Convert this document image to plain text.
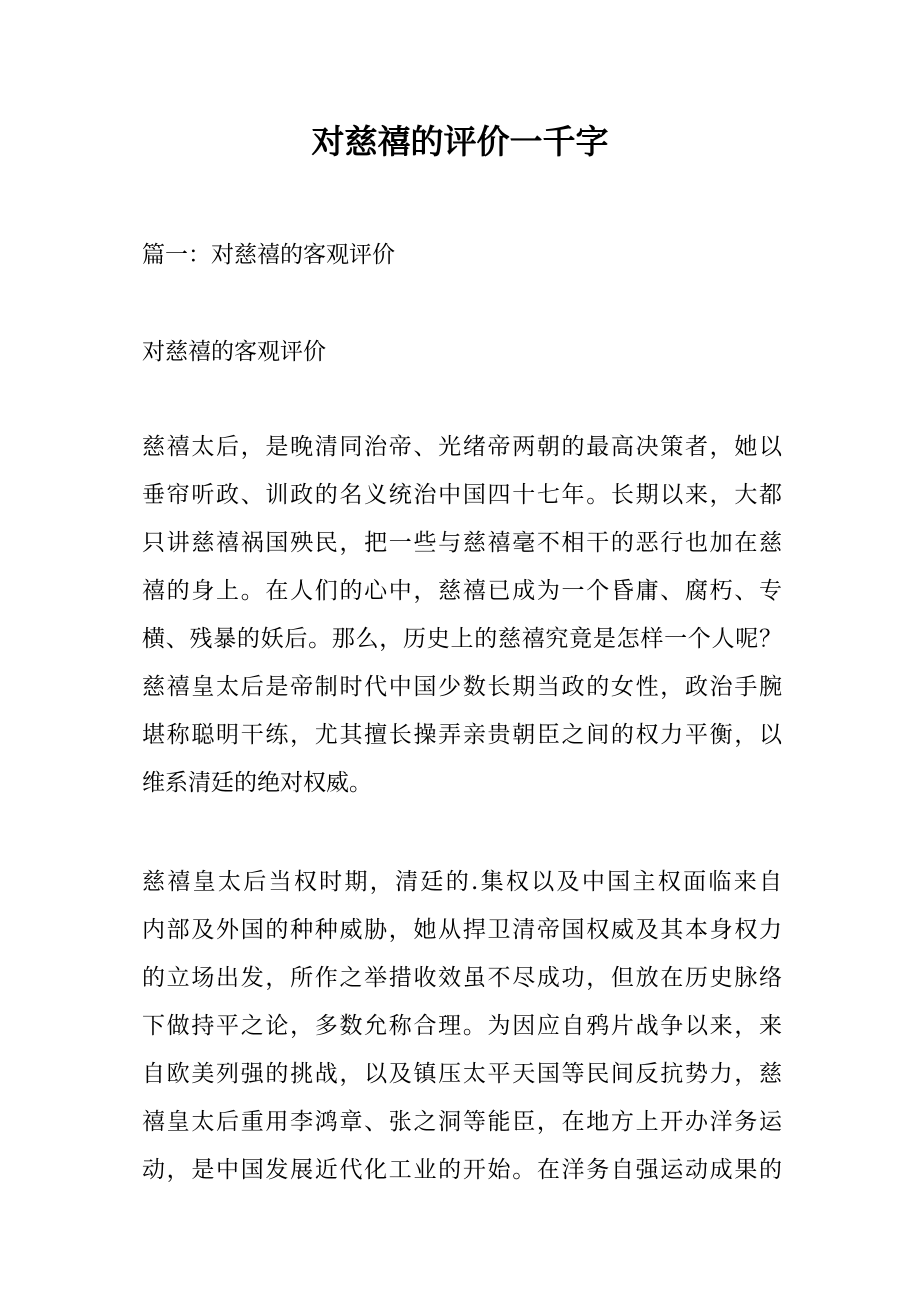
对慈禧的评价一千字

篇一：对慈禧的客观评价

对慈禧的客观评价

慈禧太后，是晚清同治帝、光绪帝两朝的最高决策者，她以
垂帘听政、训政的名义统治中国四十七年。长期以来，大都
只讲慈禧祸国殃民，把一些与慈禧毫不相干的恶行也加在慈
禧的身上。在人们的心中，慈禧已成为一个昏庸、腐朽、专
横、残暴的妖后。那么，历史上的慈禧究竟是怎样一个人呢？
慈禧皇太后是帝制时代中国少数长期当政的女性，政治手腕
堪称聪明干练，尤其擅长操弄亲贵朝臣之间的权力平衡，以
维系清廷的绝对权威。
慈禧皇太后当权时期，清廷的.集权以及中国主权面临来自
内部及外国的种种威胁，她从捍卫清帝国权威及其本身权力
的立场出发，所作之举措收效虽不尽成功，但放在历史脉络
下做持平之论，多数允称合理。为因应自鸦片战争以来，来
自欧美列强的挑战，以及镇压太平天国等民间反抗势力，慈
禧皇太后重用李鸿章、张之洞等能臣，在地方上开办洋务运
动，是中国发展近代化工业的开始。在洋务自强运动成果的
